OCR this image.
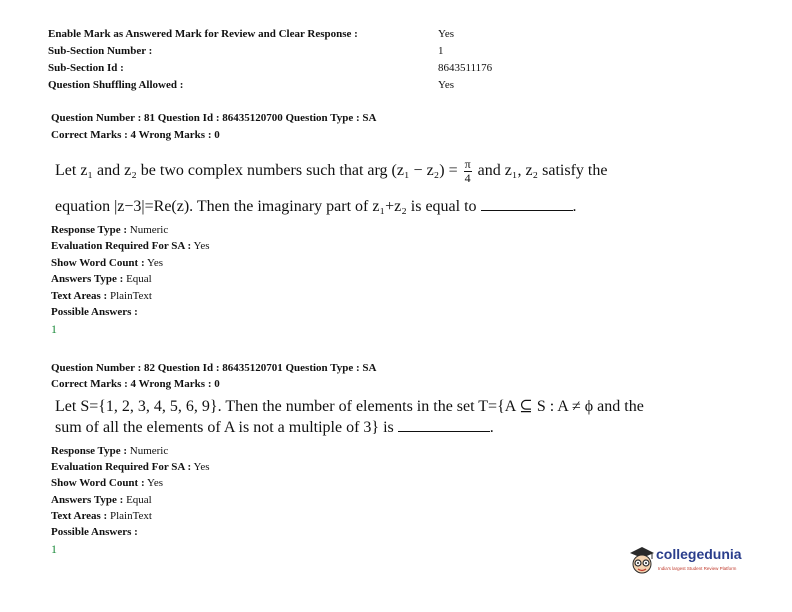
Enable Mark as Answered Mark for Review and Clear Response :	Yes
Sub-Section Number :	1
Sub-Section Id :	8643511176
Question Shuffling Allowed :	Yes
Question Number : 81 Question Id : 86435120700 Question Type : SA
Correct Marks : 4 Wrong Marks : 0
Let z₁ and z₂ be two complex numbers such that arg $(z_1 - z_2) = \frac{\pi}{4}$ and z₁, z₂ satisfy the
equation |z−3|=Re(z). Then the imaginary part of z₁+z₂ is equal to	.
Response Type : Numeric
Evaluation Required For SA : Yes
Show Word Count : Yes
Answers Type : Equal
Text Areas : PlainText
Possible Answers :
1
Question Number : 82 Question Id : 86435120701 Question Type : SA
Correct Marks : 4 Wrong Marks : 0
Let S={1, 2, 3, 4, 5, 6, 9}. Then the number of elements in the set T={A ⊆ S : A ≠ ϕ and the
sum of all the elements of A is not a multiple of 3} is	.
Response Type : Numeric
Evaluation Required For SA : Yes
Show Word Count : Yes
Answers Type : Equal
Text Areas : PlainText
Possible Answers :
1	collegedunia
India's largest Student Review Platform
